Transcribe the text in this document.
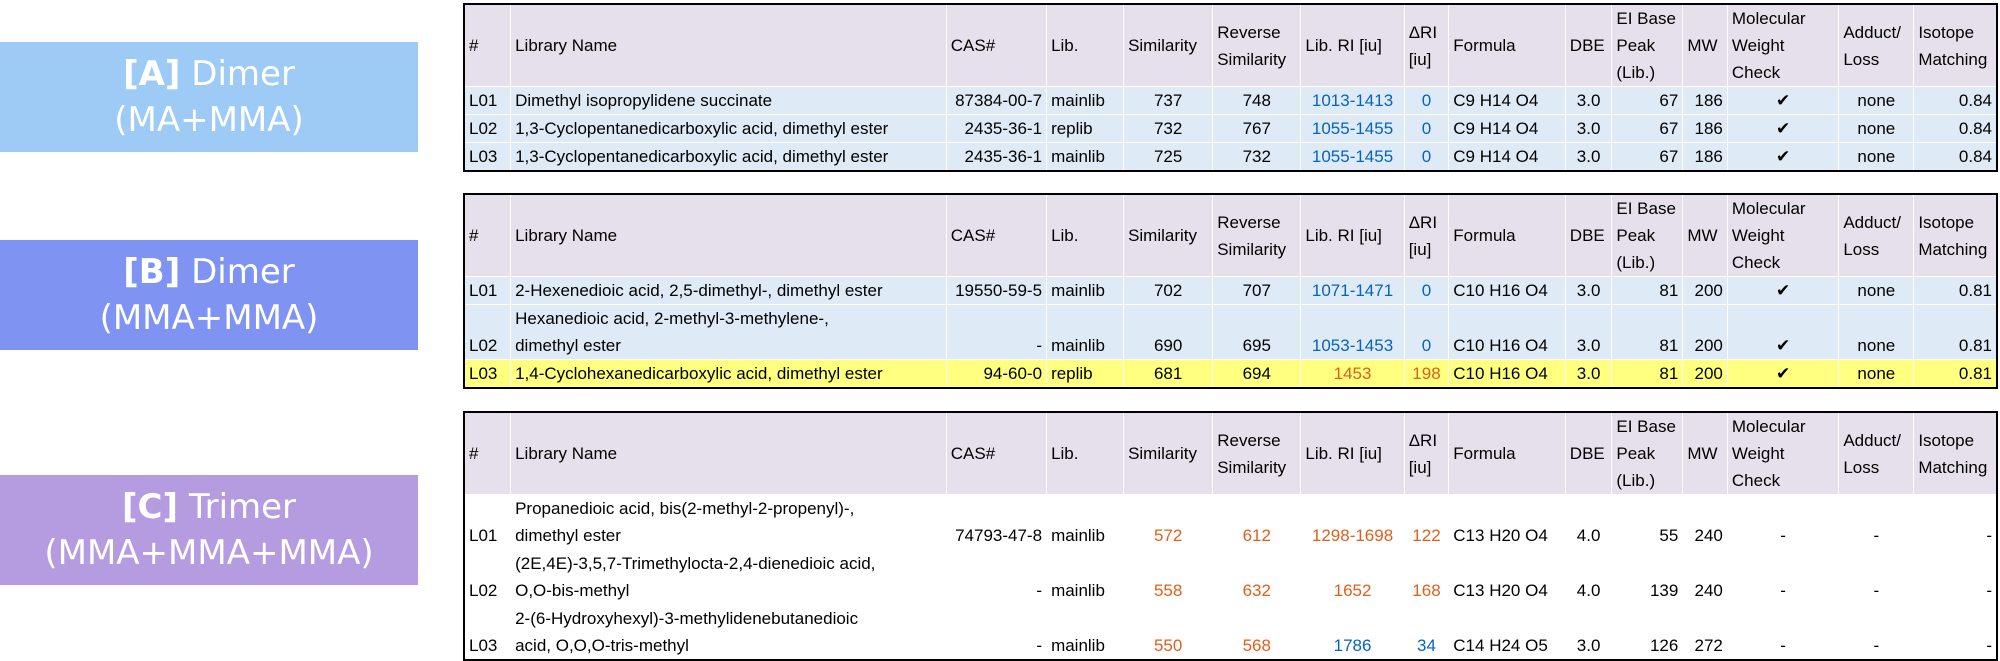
[A] Dimer
(MA+MMA)
[B] Dimer
(MMA+MMA)
[C] Trimer
(MMA+MMA+MMA)
#	Library Name	CAS#	Lib.	Similarity	Reverse
Similarity	Lib. RI [iu]	ΔRI
[iu]	Formula	DBE	EI Base
Peak
(Lib.)	MW	Molecular
Weight
Check	Adduct/
Loss	Isotope
Matching
L01	Dimethyl isopropylidene succinate	87384-00-7	mainlib	737	748	1013-1413	0	C9 H14 O4	3.0	67	186	✔	none	0.84
L02	1,3-Cyclopentanedicarboxylic acid, dimethyl ester	2435-36-1	replib	732	767	1055-1455	0	C9 H14 O4	3.0	67	186	✔	none	0.84
L03	1,3-Cyclopentanedicarboxylic acid, dimethyl ester	2435-36-1	mainlib	725	732	1055-1455	0	C9 H14 O4	3.0	67	186	✔	none	0.84
#	Library Name	CAS#	Lib.	Similarity	Reverse
Similarity	Lib. RI [iu]	ΔRI
[iu]	Formula	DBE	EI Base
Peak
(Lib.)	MW	Molecular
Weight
Check	Adduct/
Loss	Isotope
Matching
L01	2-Hexenedioic acid, 2,5-dimethyl-, dimethyl ester	19550-59-5	mainlib	702	707	1071-1471	0	C10 H16 O4	3.0	81	200	✔	none	0.81
L02	Hexanedioic acid, 2-methyl-3-methylene-,
dimethyl ester	-	mainlib	690	695	1053-1453	0	C10 H16 O4	3.0	81	200	✔	none	0.81
L03	1,4-Cyclohexanedicarboxylic acid, dimethyl ester	94-60-0	replib	681	694	1453	198	C10 H16 O4	3.0	81	200	✔	none	0.81
#	Library Name	CAS#	Lib.	Similarity	Reverse
Similarity	Lib. RI [iu]	ΔRI
[iu]	Formula	DBE	EI Base
Peak
(Lib.)	MW	Molecular
Weight
Check	Adduct/
Loss	Isotope
Matching
L01	Propanedioic acid, bis(2-methyl-2-propenyl)-,
dimethyl ester	74793-47-8	mainlib	572	612	1298-1698	122	C13 H20 O4	4.0	55	240	-	-	-
L02	(2E,4E)-3,5,7-Trimethylocta-2,4-dienedioic acid,
O,O-bis-methyl	-	mainlib	558	632	1652	168	C13 H20 O4	4.0	139	240	-	-	-
L03	2-(6-Hydroxyhexyl)-3-methylidenebutanedioic
acid, O,O,O-tris-methyl	-	mainlib	550	568	1786	34	C14 H24 O5	3.0	126	272	-	-	-
